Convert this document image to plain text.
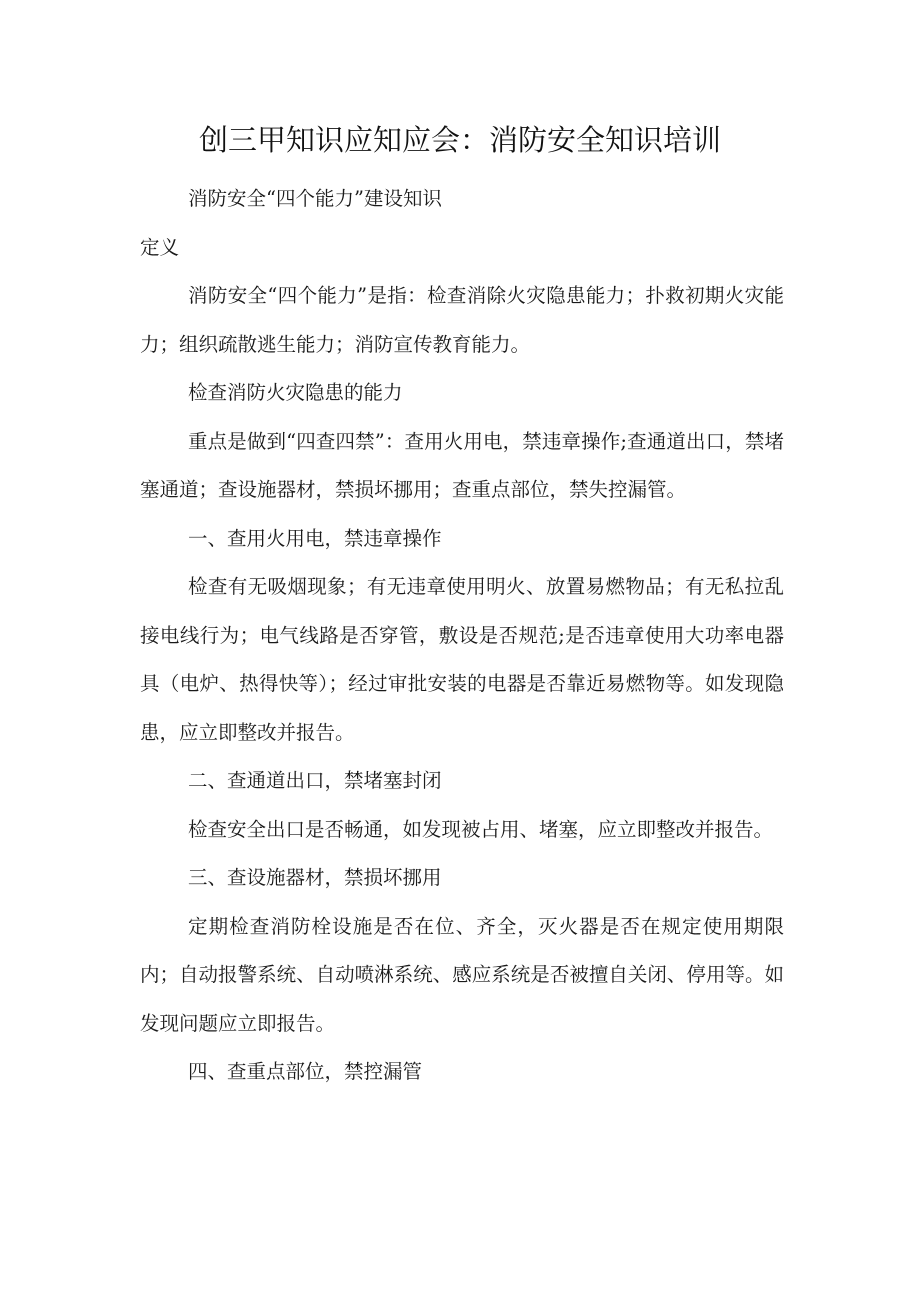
创三甲知识应知应会：消防安全知识培训

消防安全“四个能力”建设知识

定义

消防安全“四个能力”是指：检查消除火灾隐患能力；扑救初期火灾能力；组织疏散逃生能力；消防宣传教育能力。

检查消防火灾隐患的能力

重点是做到“四查四禁”：查用火用电，禁违章操作;查通道出口，禁堵塞通道；查设施器材，禁损坏挪用；查重点部位，禁失控漏管。

一、查用火用电，禁违章操作

检查有无吸烟现象；有无违章使用明火、放置易燃物品；有无私拉乱接电线行为；电气线路是否穿管，敷设是否规范;是否违章使用大功率电器具（电炉、热得快等）；经过审批安装的电器是否靠近易燃物等。如发现隐患，应立即整改并报告。

二、查通道出口，禁堵塞封闭

检查安全出口是否畅通，如发现被占用、堵塞，应立即整改并报告。

三、查设施器材，禁损坏挪用

定期检查消防栓设施是否在位、齐全，灭火器是否在规定使用期限内；自动报警系统、自动喷淋系统、感应系统是否被擅自关闭、停用等。如发现问题应立即报告。

四、查重点部位，禁控漏管
